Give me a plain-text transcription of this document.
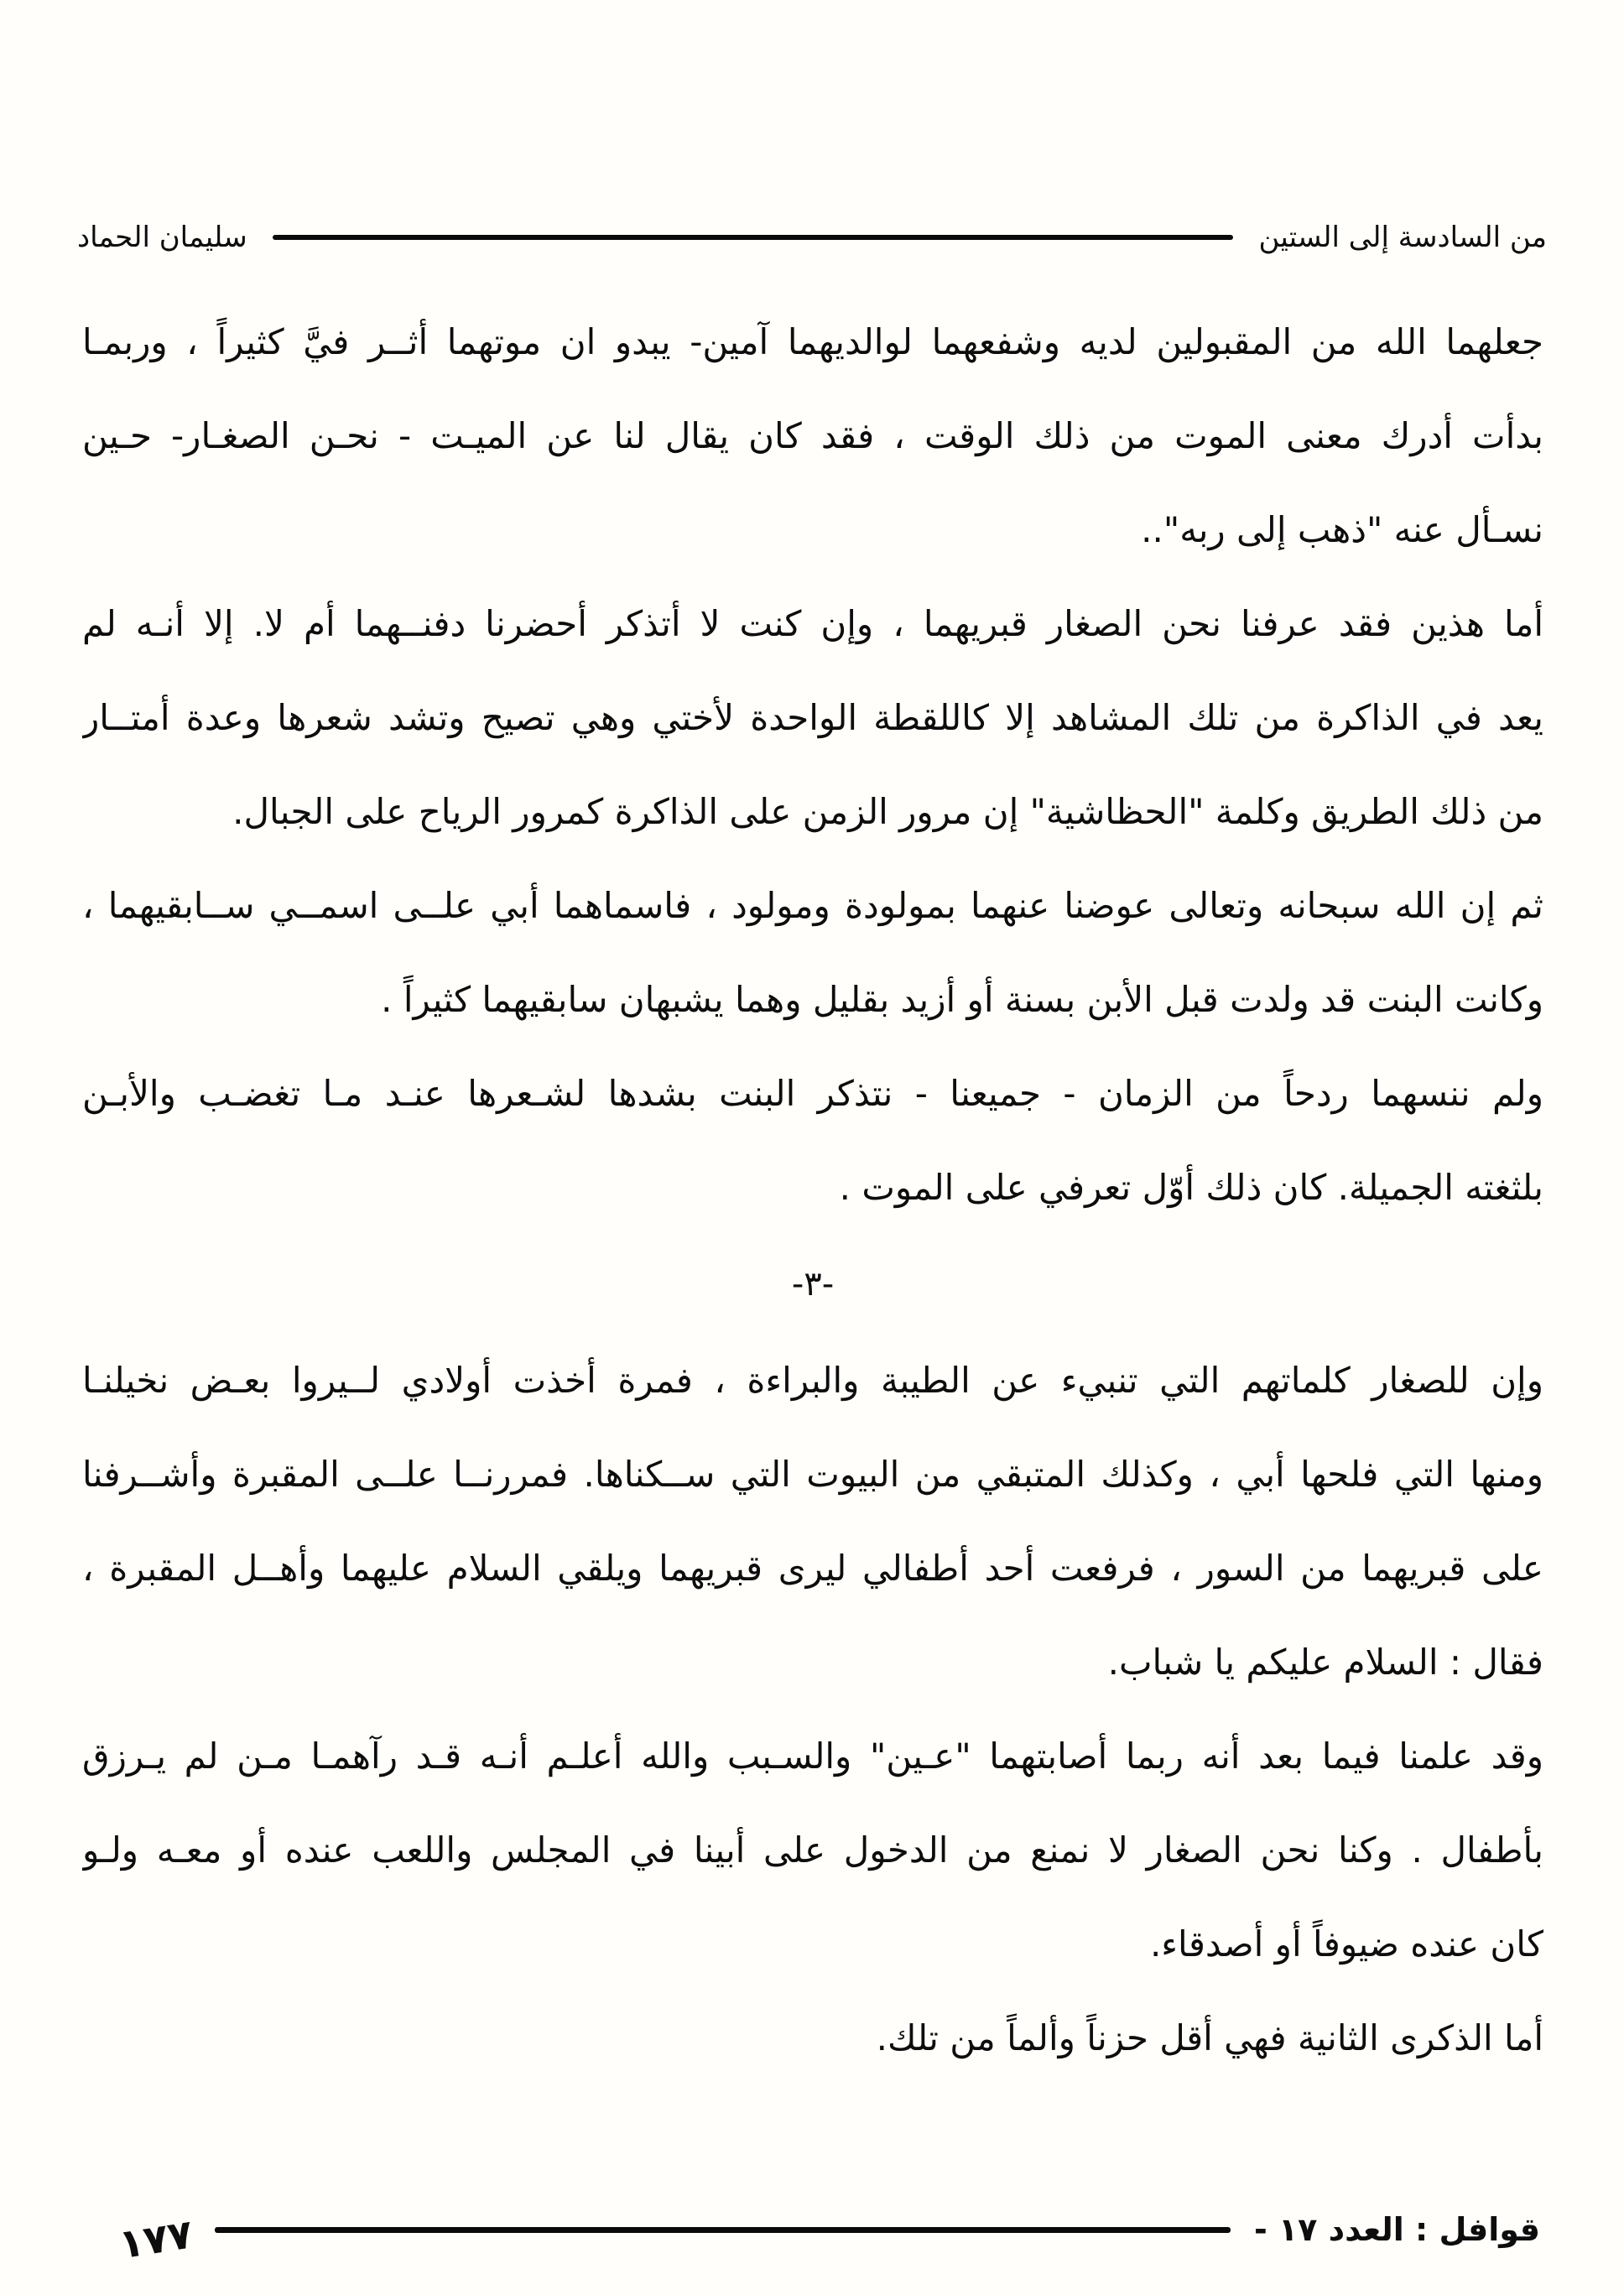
من السادسة إلى الستين
سليمان الحماد
جعلهما الله من المقبولين لديه وشفعهما لوالديهما آمين- يبدو ان موتهما أثــر فيَّ كثيراً ، وربمـا
بدأت أدرك معنى الموت من ذلك الوقت ، فقد كان يقال لنا عن الميـت - نحـن الصغـار- حـين
نسـأل عنه "ذهب إلى ربه"..
أما هذين فقد عرفنا نحن الصغار قبريهما ، وإن كنت لا أتذكر أحضرنا دفنــهما أم لا. إلا أنـه لم
يعد في الذاكرة من تلك المشاهد إلا كاللقطة الواحدة لأختي وهي تصيح وتشد شعرها وعدة أمتــار
من ذلك الطريق وكلمة "الحظاشية" إن مرور الزمن على الذاكرة كمرور الرياح على الجبال.
ثم إن الله سبحانه وتعالى عوضنا عنهما بمولودة ومولود ، فاسماهما أبي علــى اسمــي ســابقيهما ،
وكانت البنت قد ولدت قبل الأبن بسنة أو أزيد بقليل وهما يشبهان سابقيهما كثيراً .
ولم ننسهما ردحاً من الزمان - جميعنا - نتذكر البنت بشدها لشـعرها عنـد مـا تغضـب والأبـن
بلثغته الجميلة. كان ذلك أوّل تعرفي على الموت .
-٣-
وإن للصغار كلماتهم التي تنبيء عن الطيبة والبراءة ، فمرة أخذت أولادي لــيروا بعـض نخيلنـا
ومنها التي فلحها أبي ، وكذلك المتبقي من البيوت التي ســكناها. فمررنــا علــى المقبرة وأشــرفنا
على قبريهما من السور ، فرفعت أحد أطفالي ليرى قبريهما ويلقي السلام عليهما وأهــل المقبرة ،
فقال : السلام عليكم يا شباب.
وقد علمنا فيما بعد أنه ربما أصابتهما "عـين" والسـبب والله أعلـم أنـه قـد رآهمـا مـن لم يـرزق
بأطفال . وكنا نحن الصغار لا نمنع من الدخول على أبينا في المجلس واللعب عنده أو معـه ولـو
كان عنده ضيوفاً أو أصدقاء.
أما الذكرى الثانية فهي أقل حزناً وألماً من تلك.
قوافل : العدد ١٧ -
١٧٧
